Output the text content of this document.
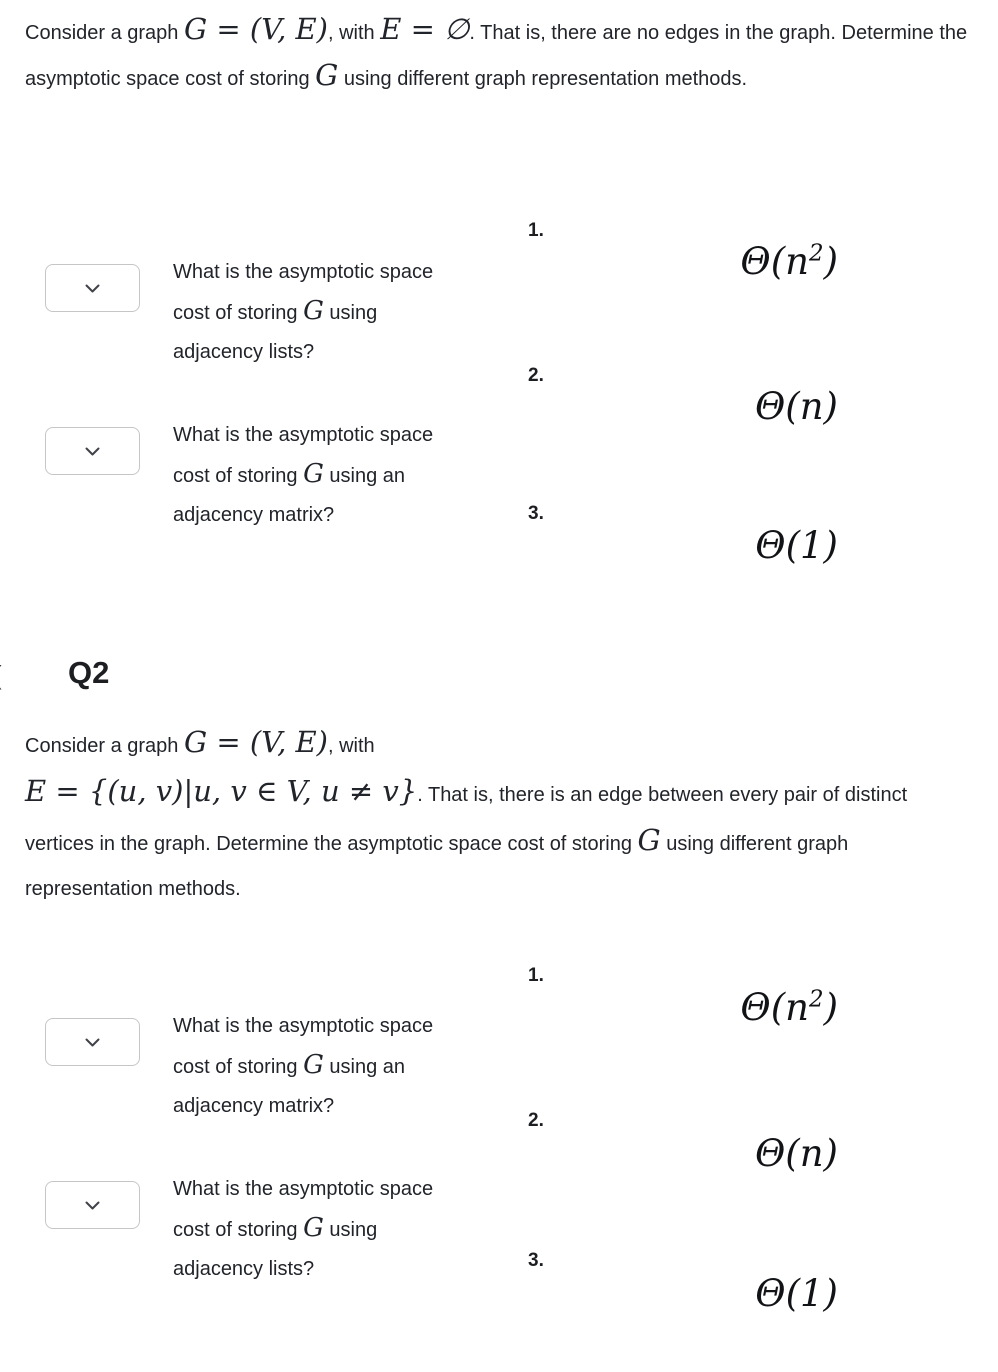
Consider a graph G = (V, E), with E = ∅. That is, there are no edges in the graph. Determine the asymptotic space cost of storing G using different graph representation methods.

1.
$\Theta(n^2)$
2.
Θ(n)
3.
Θ(1)

What is the asymptotic space cost of storing G using adjacency lists?

What is the asymptotic space cost of storing G using an adjacency matrix?

Q2

Consider a graph G = (V, E), with
E = {(u, v)|u, v ∈ V, u ≠ v}. That is, there is an edge between every pair of distinct vertices in the graph. Determine the asymptotic space cost of storing G using different graph representation methods.

1.
$\Theta(n^2)$
2.
Θ(n)
3.
Θ(1)

What is the asymptotic space cost of storing G using an adjacency matrix?

What is the asymptotic space cost of storing G using adjacency lists?
